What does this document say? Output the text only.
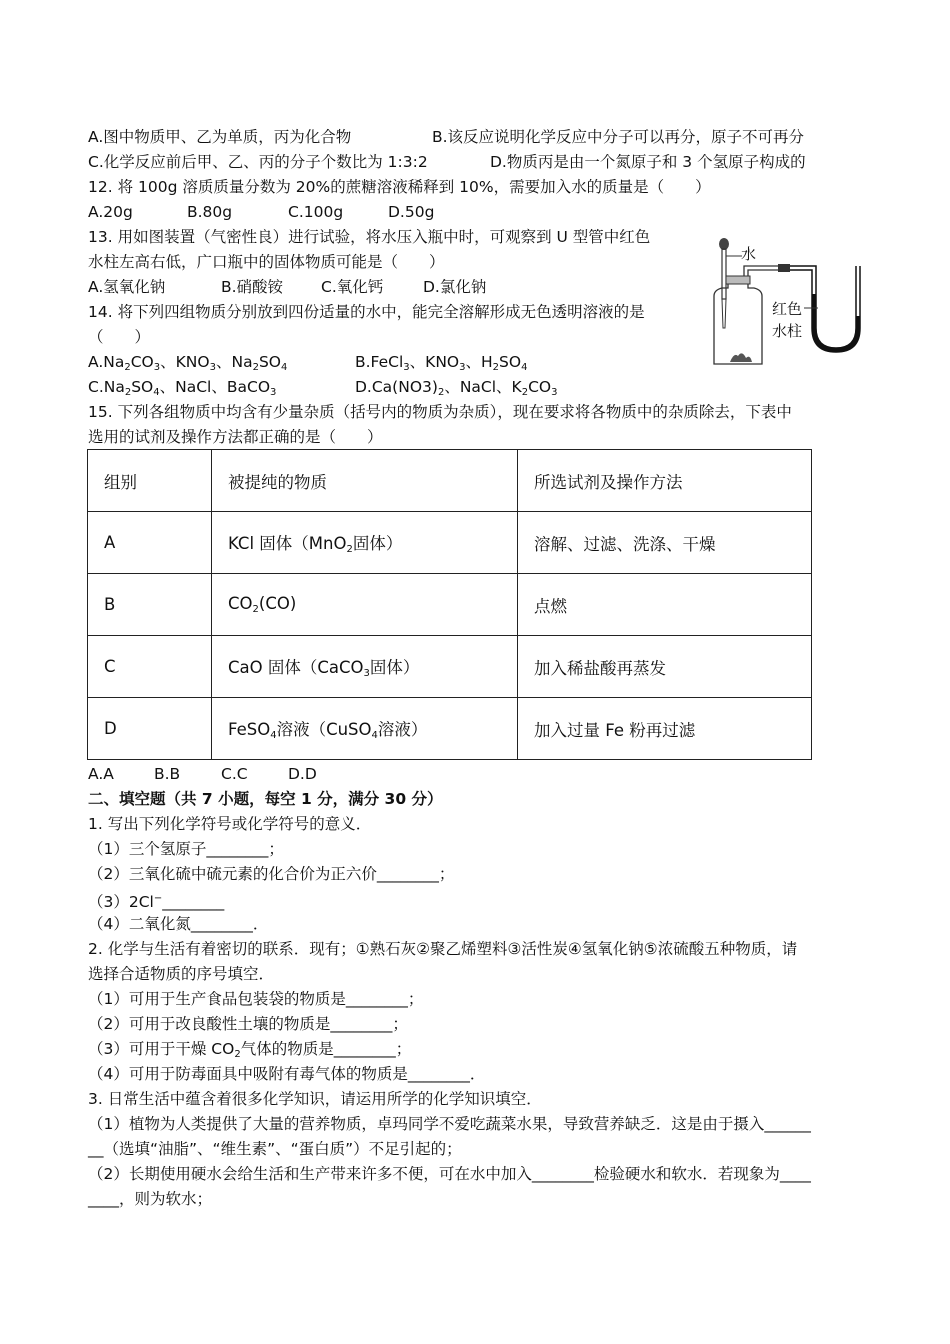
A.图中物质甲、乙为单质，丙为化合物	B.该反应说明化学反应中分子可以再分，原子不可再分
C.化学反应前后甲、乙、丙的分子个数比为 1:3:2	D.物质丙是由一个氮原子和 3 个氢原子构成的
12. 将 100g 溶质质量分数为 20%的蔗糖溶液稀释到 10%，需要加入水的质量是（　　）
A.20g	B.80g	C.100g	D.50g
13. 用如图装置（气密性良）进行试验，将水压入瓶中时，可观察到 U 型管中红色
水柱左高右低，广口瓶中的固体物质可能是（　　）
A.氢氧化钠	B.硝酸铵 C.氧化钙	D.氯化钠
水
红色
水柱
14. 将下列四组物质分别放到四份适量的水中，能完全溶解形成无色透明溶液的是
（　　）
$A.Na_2CO_3$、$KNO_3$、$Na_2SO_4$	B.FeCl$_3$、$KNO_3$、$H_2SO_4$
$C.Na_2SO_4$、NaCl、BaCO$_3$	$D.Ca(NO3)_2$、NaCl、$K_2CO_3$
15. 下列各组物质中均含有少量杂质（括号内的物质为杂质），现在要求将各物质中的杂质除去，下表中
选用的试剂及操作方法都正确的是（　　）
组别	被提纯的物质	所选试剂及操作方法
A	KCl 固体（MnO$_2$固体）	溶解、过滤、洗涤、干燥
B	$CO_2(CO)$	点燃
C	CaO 固体（CaCO$_3$固体）	加入稀盐酸再蒸发
D	FeSO$_4$溶液（CuSO$_4$溶液）	加入过量 Fe 粉再过滤
A.A	B.B	C.C	D.D
二、填空题（共 7 小题，每空 1 分，满分 30 分）
1. 写出下列化学符号或化学符号的意义．
（1）三个氢原子________；
（2）三氧化硫中硫元素的化合价为正六价________；
（3）2Cl−________
（4）二氧化氮________．
2. 化学与生活有着密切的联系．现有；①熟石灰②聚乙烯塑料③活性炭④氢氧化钠⑤浓硫酸五种物质，请
选择合适物质的序号填空．
（1）可用于生产食品包装袋的物质是________；
（2）可用于改良酸性土壤的物质是________；
（3）可用于干燥 $CO_2$气体的物质是________；
（4）可用于防毒面具中吸附有毒气体的物质是________．
3. 日常生活中蕴含着很多化学知识，请运用所学的化学知识填空．
（1）植物为人类提供了大量的营养物质，卓玛同学不爱吃蔬菜水果，导致营养缺乏．这是由于摄入______
__（选填“油脂”、“维生素”、“蛋白质”）不足引起的；
（2）长期使用硬水会给生活和生产带来许多不便，可在水中加入________检验硬水和软水．若现象为____
____，则为软水；
